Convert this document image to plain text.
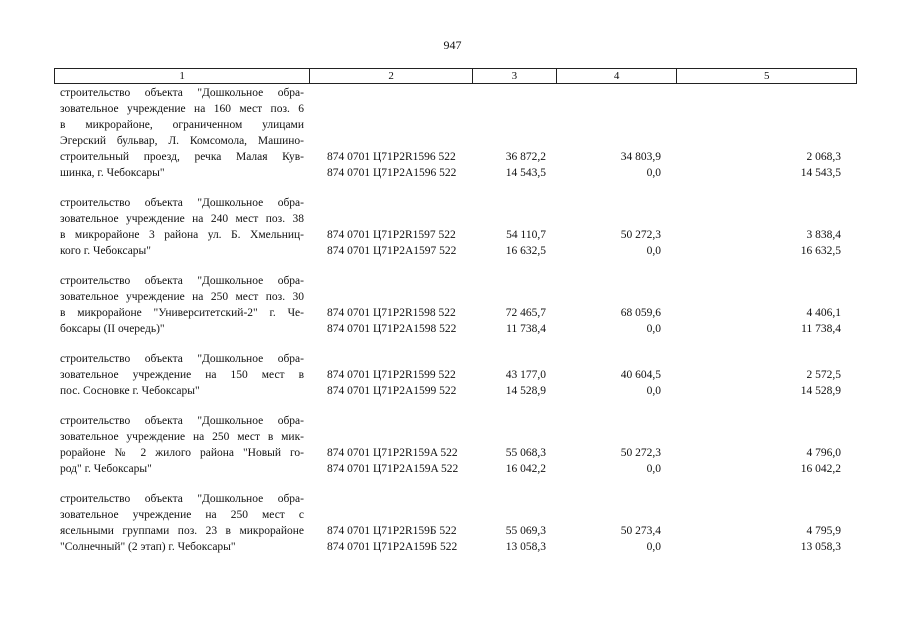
947
1	2	3	4	5
строительство объекта "Дошкольное обра-
зовательное учреждение на 160 мест поз. 6
в микрорайоне, ограниченном улицами
Эгерский бульвар, Л. Комсомола, Машино-
строительный проезд, речка Малая Кув-
шинка, г. Чебоксары"
874 0701 Ц71P2R1596 522	36 872,2	34 803,9	2 068,3
874 0701 Ц71P2A1596 522	14 543,5	0,0	14 543,5
строительство объекта "Дошкольное обра-
зовательное учреждение на 240 мест поз. 38
в микрорайоне 3 района ул. Б. Хмельниц-
кого г. Чебоксары"
874 0701 Ц71P2R1597 522	54 110,7	50 272,3	3 838,4
874 0701 Ц71P2A1597 522	16 632,5	0,0	16 632,5
строительство объекта "Дошкольное обра-
зовательное учреждение на 250 мест поз. 30
в микрорайоне "Университетский-2" г. Че-
боксары (II очередь)"
874 0701 Ц71P2R1598 522	72 465,7	68 059,6	4 406,1
874 0701 Ц71P2A1598 522	11 738,4	0,0	11 738,4
строительство объекта "Дошкольное обра-
зовательное учреждение на 150 мест в
пос. Сосновке г. Чебоксары"
874 0701 Ц71P2R1599 522	43 177,0	40 604,5	2 572,5
874 0701 Ц71P2A1599 522	14 528,9	0,0	14 528,9
строительство объекта "Дошкольное обра-
зовательное учреждение на 250 мест в мик-
рорайоне № 2 жилого района "Новый го-
род" г. Чебоксары"
874 0701 Ц71P2R159A 522	55 068,3	50 272,3	4 796,0
874 0701 Ц71P2A159A 522	16 042,2	0,0	16 042,2
строительство объекта "Дошкольное обра-
зовательное учреждение на 250 мест с
ясельными группами поз. 23 в микрорайоне
"Солнечный" (2 этап) г. Чебоксары"
874 0701 Ц71P2R159Б 522	55 069,3	50 273,4	4 795,9
874 0701 Ц71P2A159Б 522	13 058,3	0,0	13 058,3
